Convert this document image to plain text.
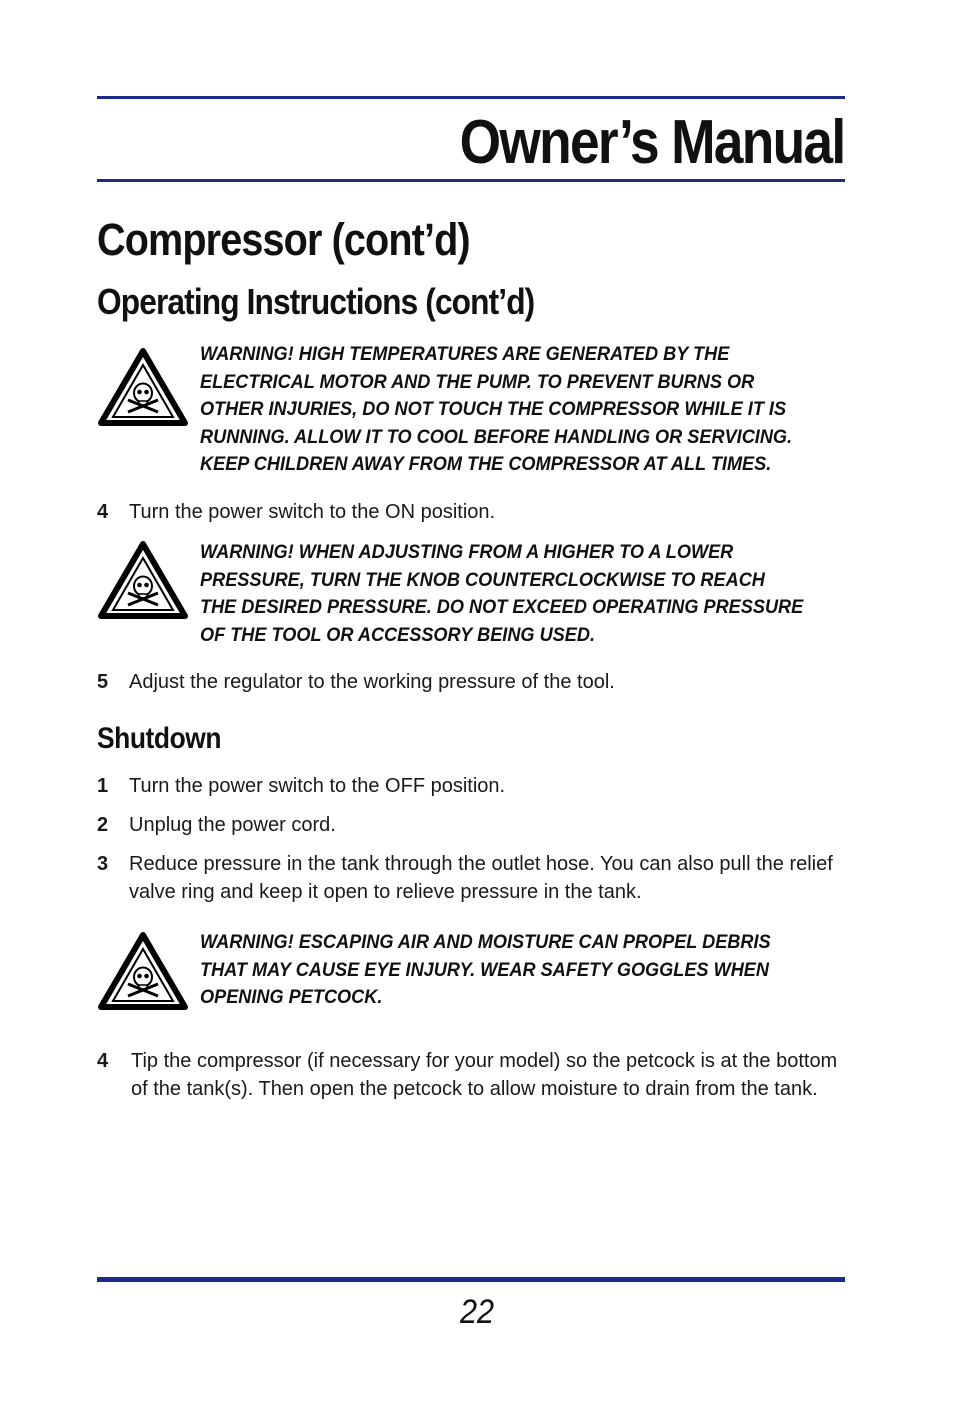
Owner’s Manual
Compressor (cont’d)
Operating Instructions (cont’d)

WARNING! HIGH TEMPERATURES ARE GENERATED BY THE ELECTRICAL MOTOR AND THE PUMP. TO PREVENT BURNS OR OTHER INJURIES, DO NOT TOUCH THE COMPRESSOR WHILE IT IS RUNNING. ALLOW IT TO COOL BEFORE HANDLING OR SERVICING. KEEP CHILDREN AWAY FROM THE COMPRESSOR AT ALL TIMES.

4 Turn the power switch to the ON position.

WARNING! WHEN ADJUSTING FROM A HIGHER TO A LOWER PRESSURE, TURN THE KNOB COUNTERCLOCKWISE TO REACH THE DESIRED PRESSURE. DO NOT EXCEED OPERATING PRESSURE OF THE TOOL OR ACCESSORY BEING USED.

5 Adjust the regulator to the working pressure of the tool.
Shutdown
1 Turn the power switch to the OFF position.
2 Unplug the power cord.
3 Reduce pressure in the tank through the outlet hose. You can also pull the relief valve ring and keep it open to relieve pressure in the tank.

WARNING! ESCAPING AIR AND MOISTURE CAN PROPEL DEBRIS THAT MAY CAUSE EYE INJURY. WEAR SAFETY GOGGLES WHEN OPENING PETCOCK.

4 Tip the compressor (if necessary for your model) so the petcock is at the bottom of the tank(s). Then open the petcock to allow moisture to drain from the tank.
22
